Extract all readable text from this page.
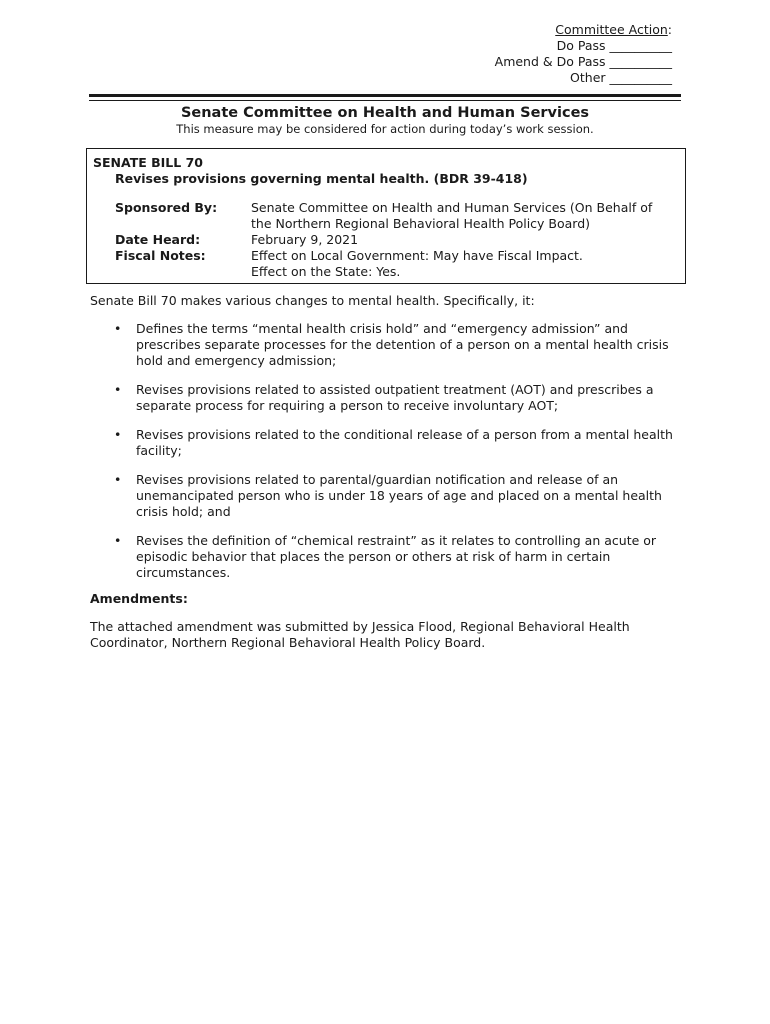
Committee Action:
Do Pass __________
Amend & Do Pass __________
Other __________
Senate Committee on Health and Human Services
This measure may be considered for action during today’s work session.
SENATE BILL 70
Revises provisions governing mental health. (BDR 39-418)
Sponsored By:	Senate Committee on Health and Human Services (On Behalf of the Northern Regional Behavioral Health Policy Board)
Date Heard:	February 9, 2021
Fiscal Notes:	Effect on Local Government: May have Fiscal Impact.
Effect on the State: Yes.
Senate Bill 70 makes various changes to mental health. Specifically, it:
• Defines the terms “mental health crisis hold” and “emergency admission” and prescribes separate processes for the detention of a person on a mental health crisis hold and emergency admission;
• Revises provisions related to assisted outpatient treatment (AOT) and prescribes a separate process for requiring a person to receive involuntary AOT;
• Revises provisions related to the conditional release of a person from a mental health facility;
• Revises provisions related to parental/guardian notification and release of an unemancipated person who is under 18 years of age and placed on a mental health crisis hold; and
• Revises the definition of “chemical restraint” as it relates to controlling an acute or episodic behavior that places the person or others at risk of harm in certain circumstances.
Amendments:
The attached amendment was submitted by Jessica Flood, Regional Behavioral Health Coordinator, Northern Regional Behavioral Health Policy Board.
